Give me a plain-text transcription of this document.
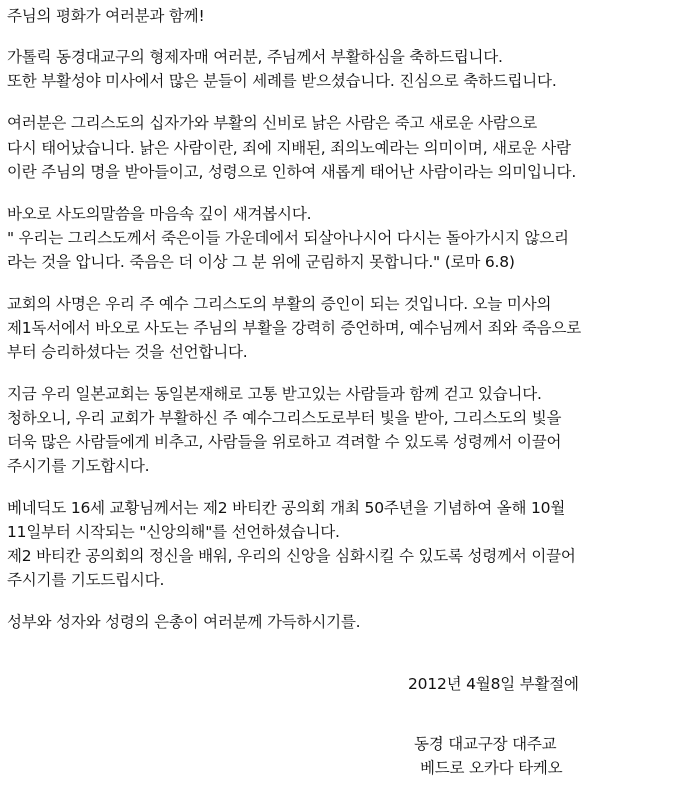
주님의 평화가 여러분과 함께!
가톨릭 동경대교구의 형제자매 여러분, 주님께서 부활하심을 축하드립니다.
또한 부활성야 미사에서 많은 분들이 세례를 받으셨습니다. 진심으로 축하드립니다.
여러분은 그리스도의 십자가와 부활의 신비로 낡은 사람은 죽고 새로운 사람으로
다시 태어났습니다. 낡은 사람이란, 죄에 지배된, 죄의노예라는 의미이며, 새로운 사람
이란 주님의 명을 받아들이고, 성령으로 인하여 새롭게 태어난 사람이라는 의미입니다.
바오로 사도의말씀을 마음속 깊이 새겨봅시다.
" 우리는 그리스도께서 죽은이들 가운데에서 되살아나시어 다시는 돌아가시지 않으리
라는 것을 압니다. 죽음은 더 이상 그 분 위에 군림하지 못합니다." (로마 6.8)
교회의 사명은 우리 주 예수 그리스도의 부활의 증인이 되는 것입니다. 오늘 미사의
제1독서에서 바오로 사도는 주님의 부활을 강력히 증언하며, 예수님께서 죄와 죽음으로
부터 승리하셨다는 것을 선언합니다.
지금 우리 일본교회는 동일본재해로 고통 받고있는 사람들과 함께 걷고 있습니다.
청하오니, 우리 교회가 부활하신 주 예수그리스도로부터 빛을 받아, 그리스도의 빛을
더욱 많은 사람들에게 비추고, 사람들을 위로하고 격려할 수 있도록 성령께서 이끌어
주시기를 기도합시다.
베네딕도 16세 교황님께서는 제2 바티칸 공의회 개최 50주년을 기념하여 올해 10월
11일부터 시작되는 "신앙의해"를 선언하셨습니다.
제2 바티칸 공의회의 정신을 배워, 우리의 신앙을 심화시킬 수 있도록 성령께서 이끌어
주시기를 기도드립시다.
성부와 성자와 성령의 은총이 여러분께 가득하시기를.
2012년 4월8일 부활절에
동경 대교구장 대주교
베드로 오카다 타케오
